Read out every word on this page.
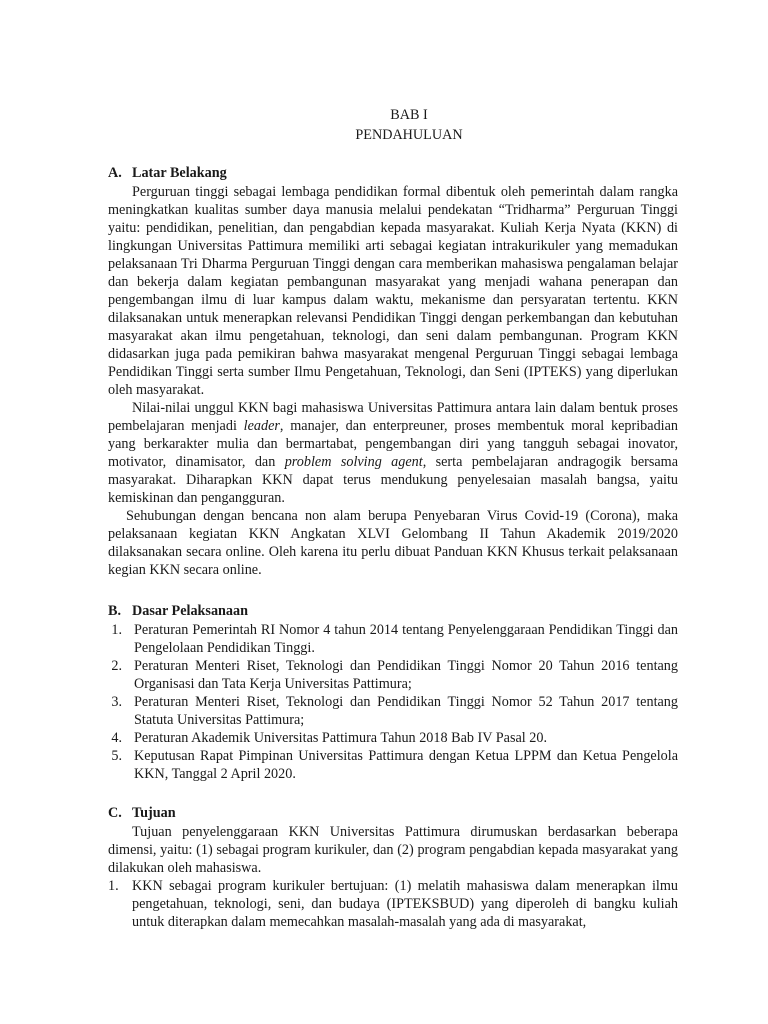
BAB I
PENDAHULUAN
A. Latar Belakang

Perguruan tinggi sebagai lembaga pendidikan formal dibentuk oleh pemerintah dalam rangka meningkatkan kualitas sumber daya manusia melalui pendekatan “Tridharma” Perguruan Tinggi yaitu: pendidikan, penelitian, dan pengabdian kepada masyarakat. Kuliah Kerja Nyata (KKN) di lingkungan Universitas Pattimura memiliki arti sebagai kegiatan intrakurikuler yang memadukan pelaksanaan Tri Dharma Perguruan Tinggi dengan cara memberikan mahasiswa pengalaman belajar dan bekerja dalam kegiatan pembangunan masyarakat yang menjadi wahana penerapan dan pengembangan ilmu di luar kampus dalam waktu, mekanisme dan persyaratan tertentu. KKN dilaksanakan untuk menerapkan relevansi Pendidikan Tinggi dengan perkembangan dan kebutuhan masyarakat akan ilmu pengetahuan, teknologi, dan seni dalam pembangunan. Program KKN didasarkan juga pada pemikiran bahwa masyarakat mengenal Perguruan Tinggi sebagai lembaga Pendidikan Tinggi serta sumber Ilmu Pengetahuan, Teknologi, dan Seni (IPTEKS) yang diperlukan oleh masyarakat.

Nilai-nilai unggul KKN bagi mahasiswa Universitas Pattimura antara lain dalam bentuk proses pembelajaran menjadi leader, manajer, dan enterpreuner, proses membentuk moral kepribadian yang berkarakter mulia dan bermartabat, pengembangan diri yang tangguh sebagai inovator, motivator, dinamisator, dan problem solving agent, serta pembelajaran andragogik bersama masyarakat. Diharapkan KKN dapat terus mendukung penyelesaian masalah bangsa, yaitu kemiskinan dan pengangguran.

Sehubungan dengan bencana non alam berupa Penyebaran Virus Covid-19 (Corona), maka pelaksanaan kegiatan KKN Angkatan XLVI Gelombang II Tahun Akademik 2019/2020 dilaksanakan secara online. Oleh karena itu perlu dibuat Panduan KKN Khusus terkait pelaksanaan kegian KKN secara online.

B. Dasar Pelaksanaan
1. Peraturan Pemerintah RI Nomor 4 tahun 2014 tentang Penyelenggaraan Pendidikan Tinggi dan Pengelolaan Pendidikan Tinggi.
2. Peraturan Menteri Riset, Teknologi dan Pendidikan Tinggi Nomor 20 Tahun 2016 tentang Organisasi dan Tata Kerja Universitas Pattimura;
3. Peraturan Menteri Riset, Teknologi dan Pendidikan Tinggi Nomor 52 Tahun 2017 tentang Statuta Universitas Pattimura;
4. Peraturan Akademik Universitas Pattimura Tahun 2018 Bab IV Pasal 20.
5. Keputusan Rapat Pimpinan Universitas Pattimura dengan Ketua LPPM dan Ketua Pengelola KKN, Tanggal 2 April 2020.
C. Tujuan

Tujuan penyelenggaraan KKN Universitas Pattimura dirumuskan berdasarkan beberapa dimensi, yaitu: (1) sebagai program kurikuler, dan (2) program pengabdian kepada masyarakat yang dilakukan oleh mahasiswa.

1. KKN sebagai program kurikuler bertujuan: (1) melatih mahasiswa dalam menerapkan ilmu pengetahuan, teknologi, seni, dan budaya (IPTEKSBUD) yang diperoleh di bangku kuliah untuk diterapkan dalam memecahkan masalah-masalah yang ada di masyarakat,
